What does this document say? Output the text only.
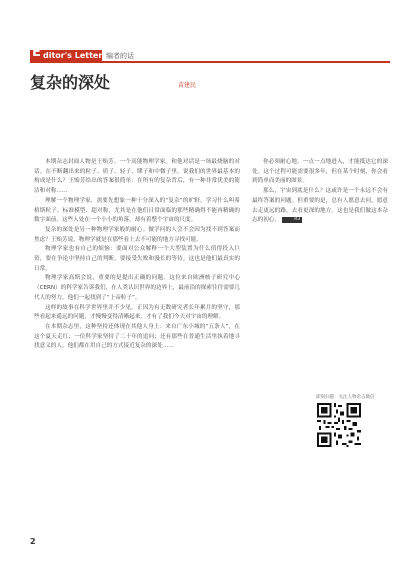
E ditor's Letter 编者的话
复杂的深处	苗建民

本期杂志封面人物是王贻芳。一个高能物理学家。和他对话是一场最烧脑的对话。在不断翻出来的粒子、质子、轻子、缪子和中微子里，说我们的世界最基本的构成是什么？王贻芳给出的答案很简单：在所有的复杂背后，有一种非常优美的简洁和对称……

理解一个物理学家，需要先想象一种十分深入的“复杂”的旷野。学习什么叫希格斯粒子、标准模型、超对称，尤其是在他们日常面临的那些精确得不能再精确的数字面前。这些人处在一个小小的角落，却有着整个宇宙的尺度。

复杂的深处是另一种物理学家般的耐心。做学问的人会不会因为找不到答案而焦虑？王贻芳说，物理学就是在那些看上去不可能的地方寻找可能。

物理学家也有自己的烦恼：要面对公众解释一个大型装置为什么值得投入巨资，要在争论中坚持自己的判断，要接受失败和漫长的等待。这也是他们最真实的日常。

物理学家高斯会说，重要的是提出正确的问题。这位来自欧洲核子研究中心（CERN）的科学家告诉我们，在人类认识世界的边界上，最前沿的探索往往需要几代人的努力，他们一起找到了“上帝粒子”。

这样的故事在科学世界里并不少见。正因为有无数研究者长年累月的坚守，那些看起来遥远的问题，才慢慢变得清晰起来，才有了我们今天对宇宙的理解。

在本期杂志里，这种坚持还体现在其他人身上：来自广东小城的“五条人”，在这个夏天走红；一位科学家坚持了二十年的追问；还有那些在普通生活里执着地寻找意义的人。他们都在用自己的方式接近复杂的深处……

你必须耐心地、一点一点地进入，才能抵达它的深处。这个过程可能需要很多年，但在某个时刻，你会看到简单而美丽的图景。

那么，宇宙到底是什么？这或许是一个永远不会有最终答案的问题。但重要的是，总有人愿意去问，愿意去走更远的路，去看更深的地方。这也是我们做这本杂志的初心。	R3

即刻扫描：关注人物杂志微信
2
